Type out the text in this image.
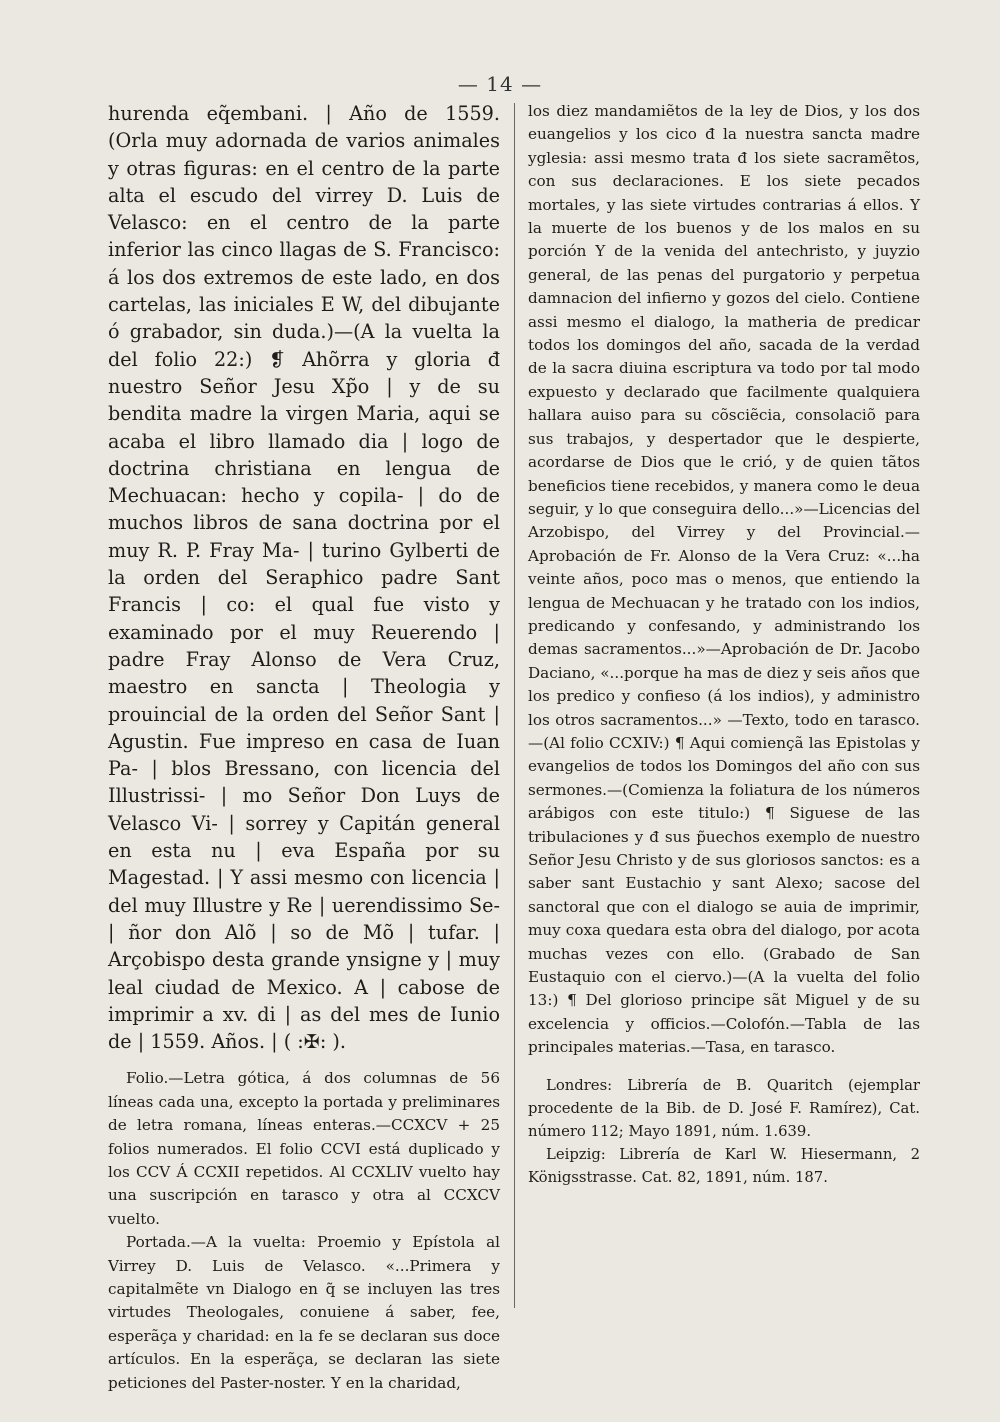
— 14 —

hurenda eq̃embani. | Año de 1559. (Orla muy adornada de varios animales y otras figuras: en el centro de la parte alta el escudo del virrey D. Luis de Velasco: en el centro de la parte inferior las cinco llagas de S. Francisco: á los dos extremos de este lado, en dos cartelas, las iniciales E W, del dibujante ó grabador, sin duda.)—(A la vuelta la del folio 22:) ❡ Ahõrra y gloria đ nuestro Señor Jesu Xp̃o | y de su bendita madre la virgen Maria, aqui se acaba el libro llamado dia | logo de doctrina christiana en lengua de Mechuacan: hecho y copila- | do de muchos libros de sana doctrina por el muy R. P. Fray Ma- | turino Gylberti de la orden del Seraphico padre Sant Francis | co: el qual fue visto y examinado por el muy Reuerendo | padre Fray Alonso de Vera Cruz, maestro en sancta | Theologia y prouincial de la orden del Señor Sant | Agustin. Fue impreso en casa de Iuan Pa- | blos Bressano, con licencia del Illustrissi- | mo Señor Don Luys de Velasco Vi- | sorrey y Capitán general en esta nu | eva España por su Magestad. | Y assi mesmo con licencia | del muy Illustre y Re | uerendissimo Se- | ñor don Alõ | so de Mõ | tufar. | Arçobispo desta grande ynsigne y | muy leal ciudad de Mexico. A | cabose de imprimir a xv. di | as del mes de Iunio de | 1559. Años. | ( :✠: ).

Folio.—Letra gótica, á dos columnas de 56 líneas cada una, excepto la portada y preliminares de letra romana, líneas enteras.—CCXCV + 25 folios numerados. El folio CCVI está duplicado y los CCV Á CCXII repetidos. Al CCXLIV vuelto hay una suscripción en tarasco y otra al CCXCV vuelto.

Portada.—A la vuelta: Proemio y Epístola al Virrey D. Luis de Velasco. «...Primera y capitalmẽte vn Dialogo en q̃ se incluyen las tres virtudes Theologales, conuiene á saber, fee, esperãça y charidad: en la fe se declaran sus doce artículos. En la esperãça, se declaran las siete peticiones del Paster-noster. Y en la charidad,

los diez mandamiẽtos de la ley de Dios, y los dos euangelios y los cico đ la nuestra sancta madre yglesia: assi mesmo trata đ los siete sacramẽtos, con sus declaraciones. E los siete pecados mortales, y las siete virtudes contrarias á ellos. Y la muerte de los buenos y de los malos en su porción Y de la venida del antechristo, y juyzio general, de las penas del purgatorio y perpetua damnacion del infierno y gozos del cielo. Contiene assi mesmo el dialogo, la matheria de predicar todos los domingos del año, sacada de la verdad de la sacra diuina escriptura va todo por tal modo expuesto y declarado que facilmente qualquiera hallara auiso para su cõsciẽcia, consolaciõ para sus trabajos, y despertador que le despierte, acordarse de Dios que le crió, y de quien tãtos beneficios tiene recebidos, y manera como le deua seguir, y lo que conseguira dello...»—Licencias del Arzobispo, del Virrey y del Provincial.—Aprobación de Fr. Alonso de la Vera Cruz: «...ha veinte años, poco mas o menos, que entiendo la lengua de Mechuacan y he tratado con los indios, predicando y confesando, y administrando los demas sacramentos...»—Aprobación de Dr. Jacobo Daciano, «...porque ha mas de diez y seis años que los predico y confieso (á los indios), y administro los otros sacramentos...» —Texto, todo en tarasco.—(Al folio CCXIV:) ¶ Aqui comiençã las Epistolas y evangelios de todos los Domingos del año con sus sermones.—(Comienza la foliatura de los números arábigos con este titulo:) ¶ Siguese de las tribulaciones y đ sus p̃uechos exemplo de nuestro Señor Jesu Christo y de sus gloriosos sanctos: es a saber sant Eustachio y sant Alexo; sacose del sanctoral que con el dialogo se auia de imprimir, muy coxa quedara esta obra del dialogo, por acota muchas vezes con ello. (Grabado de San Eustaquio con el ciervo.)—(A la vuelta del folio 13:) ¶ Del glorioso principe sãt Miguel y de su excelencia y officios.—Colofón.—Tabla de las principales materias.—Tasa, en tarasco.

Londres: Librería de B. Quaritch (ejemplar procedente de la Bib. de D. José F. Ramírez), Cat. número 112; Mayo 1891, núm. 1.639.

Leipzig: Librería de Karl W. Hiesermann, 2 Königsstrasse. Cat. 82, 1891, núm. 187.
